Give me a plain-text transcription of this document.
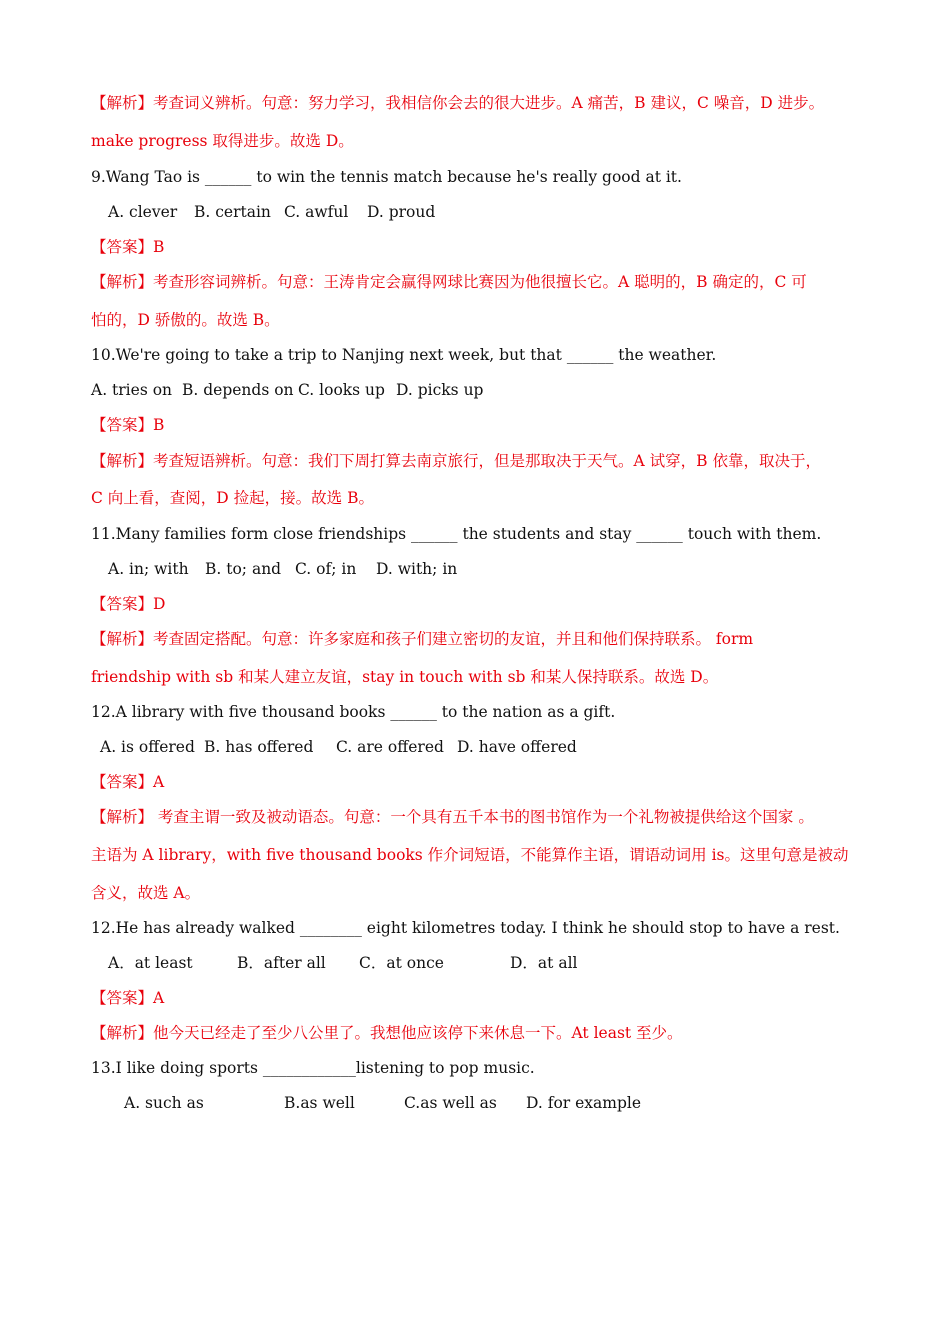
【解析】考查词义辨析。句意：努力学习，我相信你会去的很大进步。A 痛苦，B 建议，C 噪音，D 进步。
make progress 取得进步。故选 D。
9.Wang Tao is ______ to win the tennis match because he's really good at it.
A. clever B. certain C. awful D. proud
【答案】B
【解析】考查形容词辨析。句意：王涛肯定会赢得网球比赛因为他很擅长它。A 聪明的，B 确定的，C 可
怕的，D 骄傲的。故选 B。
10.We're going to take a trip to Nanjing next week, but that ______ the weather.
A. tries on B. depends on C. looks up D. picks up
【答案】B
【解析】考查短语辨析。句意：我们下周打算去南京旅行，但是那取决于天气。A 试穿，B 依靠，取决于，
C 向上看，查阅，D 捡起，接。故选 B。
11.Many families form close friendships ______ the students and stay ______ touch with them.
A. in; with B. to; and C. of; in D. with; in
【答案】D
【解析】考查固定搭配。句意：许多家庭和孩子们建立密切的友谊，并且和他们保持联系。 form
friendship with sb 和某人建立友谊，stay in touch with sb 和某人保持联系。故选 D。
12.A library with five thousand books ______ to the nation as a gift.
A. is offered B. has offered C. are offered D. have offered
【答案】A
【解析】 考查主谓一致及被动语态。句意：一个具有五千本书的图书馆作为一个礼物被提供给这个国家 。
主语为 A library，with five thousand books 作介词短语，不能算作主语，谓语动词用 is。这里句意是被动
含义，故选 A。
12.He has already walked ________ eight kilometres today. I think he should stop to have a rest.
A．at least	B．after all C．at once	D．at all
【答案】A
【解析】他今天已经走了至少八公里了。我想他应该停下来休息一下。At least 至少。
13.I like doing sports ____________listening to pop music.
A. such as	B.as well	C.as well as D. for example
